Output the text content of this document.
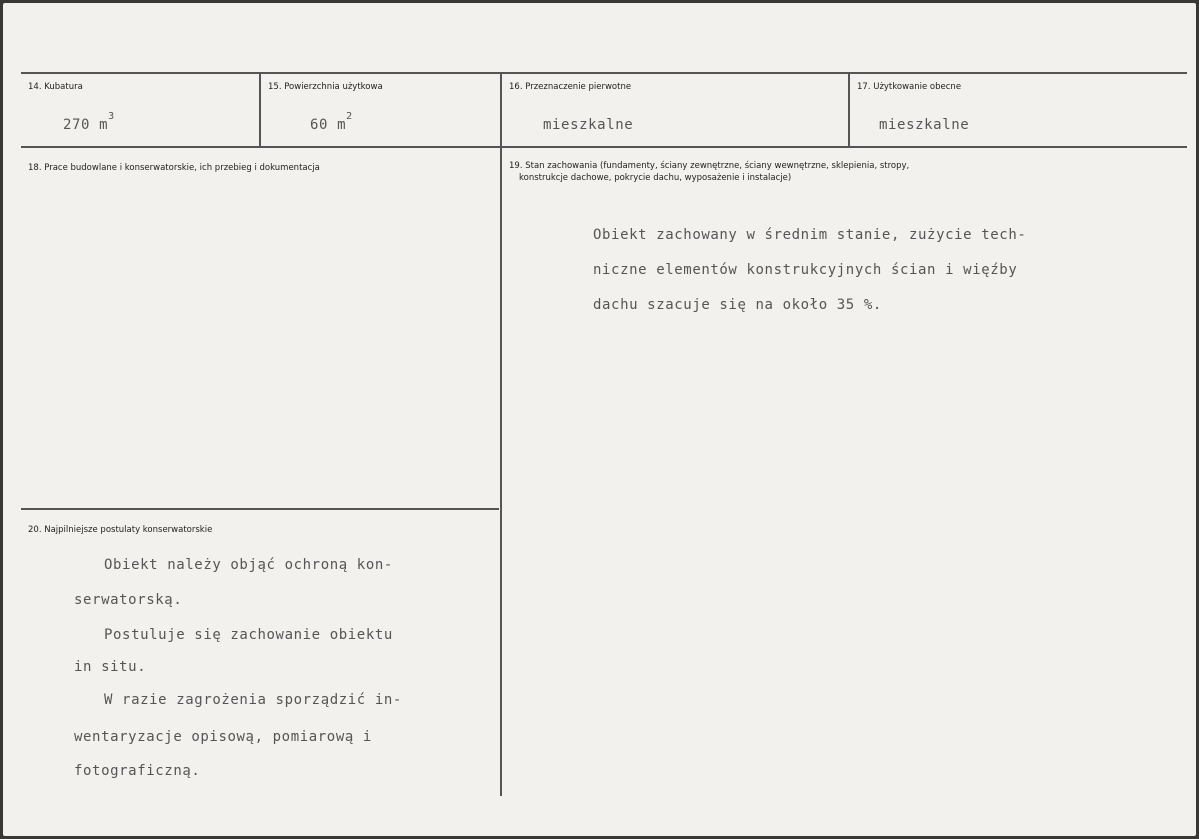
14. Kubatura
270 $m^3$
15. Powierzchnia użytkowa
60 $m^2$
16. Przeznaczenie pierwotne
mieszkalne
17. Użytkowanie obecne
mieszkalne
18. Prace budowlane i konserwatorskie, ich przebieg i dokumentacja	19. Stan zachowania (fundamenty, ściany zewnętrzne, ściany wewnętrzne, sklepienia, stropy,
konstrukcje dachowe, pokrycie dachu, wyposażenie i instalacje)
Obiekt zachowany w średnim stanie, zużycie tech-
niczne elementów konstrukcyjnych ścian i więźby
dachu szacuje się na około 35 %.
20. Najpilniejsze postulaty konserwatorskie
Obiekt należy objąć ochroną kon-
serwatorską.
Postuluje się zachowanie obiektu
in situ.
W razie zagrożenia sporządzić in-
wentaryzacje opisową, pomiarową i
fotograficzną.
